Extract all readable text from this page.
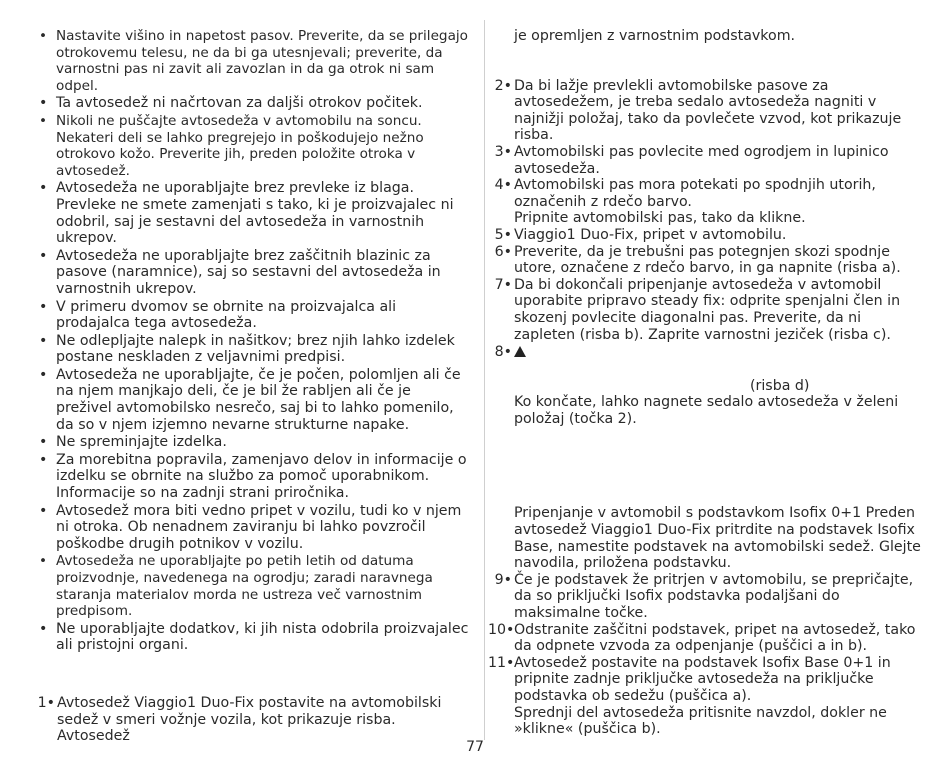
• Nastavite višino in napetost pasov. Preverite, da se prilegajo otrokovemu telesu, ne da bi ga utesnjevali; preverite, da varnostni pas ni zavit ali zavozlan in da ga otrok ni sam odpel.
• Ta avtosedež ni načrtovan za daljši otrokov počitek.
• Nikoli ne puščajte avtosedeža v avtomobilu na soncu. Nekateri deli se lahko pregrejejo in poškodujejo nežno otrokovo kožo. Preverite jih, preden položite otroka v avtosedež.
• Avtosedeža ne uporabljajte brez prevleke iz blaga. Prevleke ne smete zamenjati s tako, ki je proizvajalec ni odobril, saj je sestavni del avtosedeža in varnostnih ukrepov.
• Avtosedeža ne uporabljajte brez zaščitnih blazinic za pasove (naramnice), saj so sestavni del avtosedeža in varnostnih ukrepov.
• V primeru dvomov se obrnite na proizvajalca ali prodajalca tega avtosedeža.
• Ne odlepljajte nalepk in našitkov; brez njih lahko izdelek postane neskladen z veljavnimi predpisi.
• Avtosedeža ne uporabljajte, če je počen, polomljen ali če na njem manjkajo deli, če je bil že rabljen ali če je preživel avtomobilsko nesrečo, saj bi to lahko pomenilo, da so v njem izjemno nevarne strukturne napake.
• Ne spreminjajte izdelka.
• Za morebitna popravila, zamenjavo delov in informacije o izdelku se obrnite na službo za pomoč uporabnikom. Informacije so na zadnji strani priročnika.
• Avtosedež mora biti vedno pripet v vozilu, tudi ko v njem ni otroka. Ob nenadnem zaviranju bi lahko povzročil poškodbe drugih potnikov v vozilu.
• Avtosedeža ne uporabljajte po petih letih od datuma proizvodnje, navedenega na ogrodju; zaradi naravnega staranja materialov morda ne ustreza več varnostnim predpisom.
• Ne uporabljajte dodatkov, ki jih nista odobrila proizvajalec ali pristojni organi.
1• Avtosedež Viaggio1 Duo-Fix postavite na avtomobilski sedež v smeri vožnje vozila, kot prikazuje risba. Avtosedež
je opremljen z varnostnim podstavkom.
2• Da bi lažje prevlekli avtomobilske pasove za avtosedežem, je treba sedalo avtosedeža nagniti v najnižji položaj, tako da povlečete vzvod, kot prikazuje risba.
3• Avtomobilski pas povlecite med ogrodjem in lupinico avtosedeža.
4• Avtomobilski pas mora potekati po spodnjih utorih, označenih z rdečo barvo.
Pripnite avtomobilski pas, tako da klikne.
5• Viaggio1 Duo-Fix, pripet v avtomobilu.
6• Preverite, da je trebušni pas potegnjen skozi spodnje utore, označene z rdečo barvo, in ga napnite (risba a).
7• Da bi dokončali pripenjanje avtosedeža v avtomobil uporabite pripravo steady fix: odprite spenjalni člen in skozenj povlecite diagonalni pas. Preverite, da ni zapleten (risba b). Zaprite varnostni jeziček (risba c).
8•
(risba d)
Ko končate, lahko nagnete sedalo avtosedeža v želeni položaj (točka 2).
Pripenjanje v avtomobil s podstavkom Isofix 0+1 Preden avtosedež Viaggio1 Duo-Fix pritrdite na podstavek Isofix Base, namestite podstavek na avtomobilski sedež. Glejte navodila, priložena podstavku.
9• Če je podstavek že pritrjen v avtomobilu, se prepričajte, da so priključki Isofix podstavka podaljšani do maksimalne točke.
10• Odstranite zaščitni podstavek, pripet na avtosedež, tako da odpnete vzvoda za odpenjanje (puščici a in b).
11• Avtosedež postavite na podstavek Isofix Base 0+1 in pripnite zadnje priključke avtosedeža na priključke podstavka ob sedežu (puščica a).
Sprednji del avtosedeža pritisnite navzdol, dokler ne »klikne« (puščica b).
77
